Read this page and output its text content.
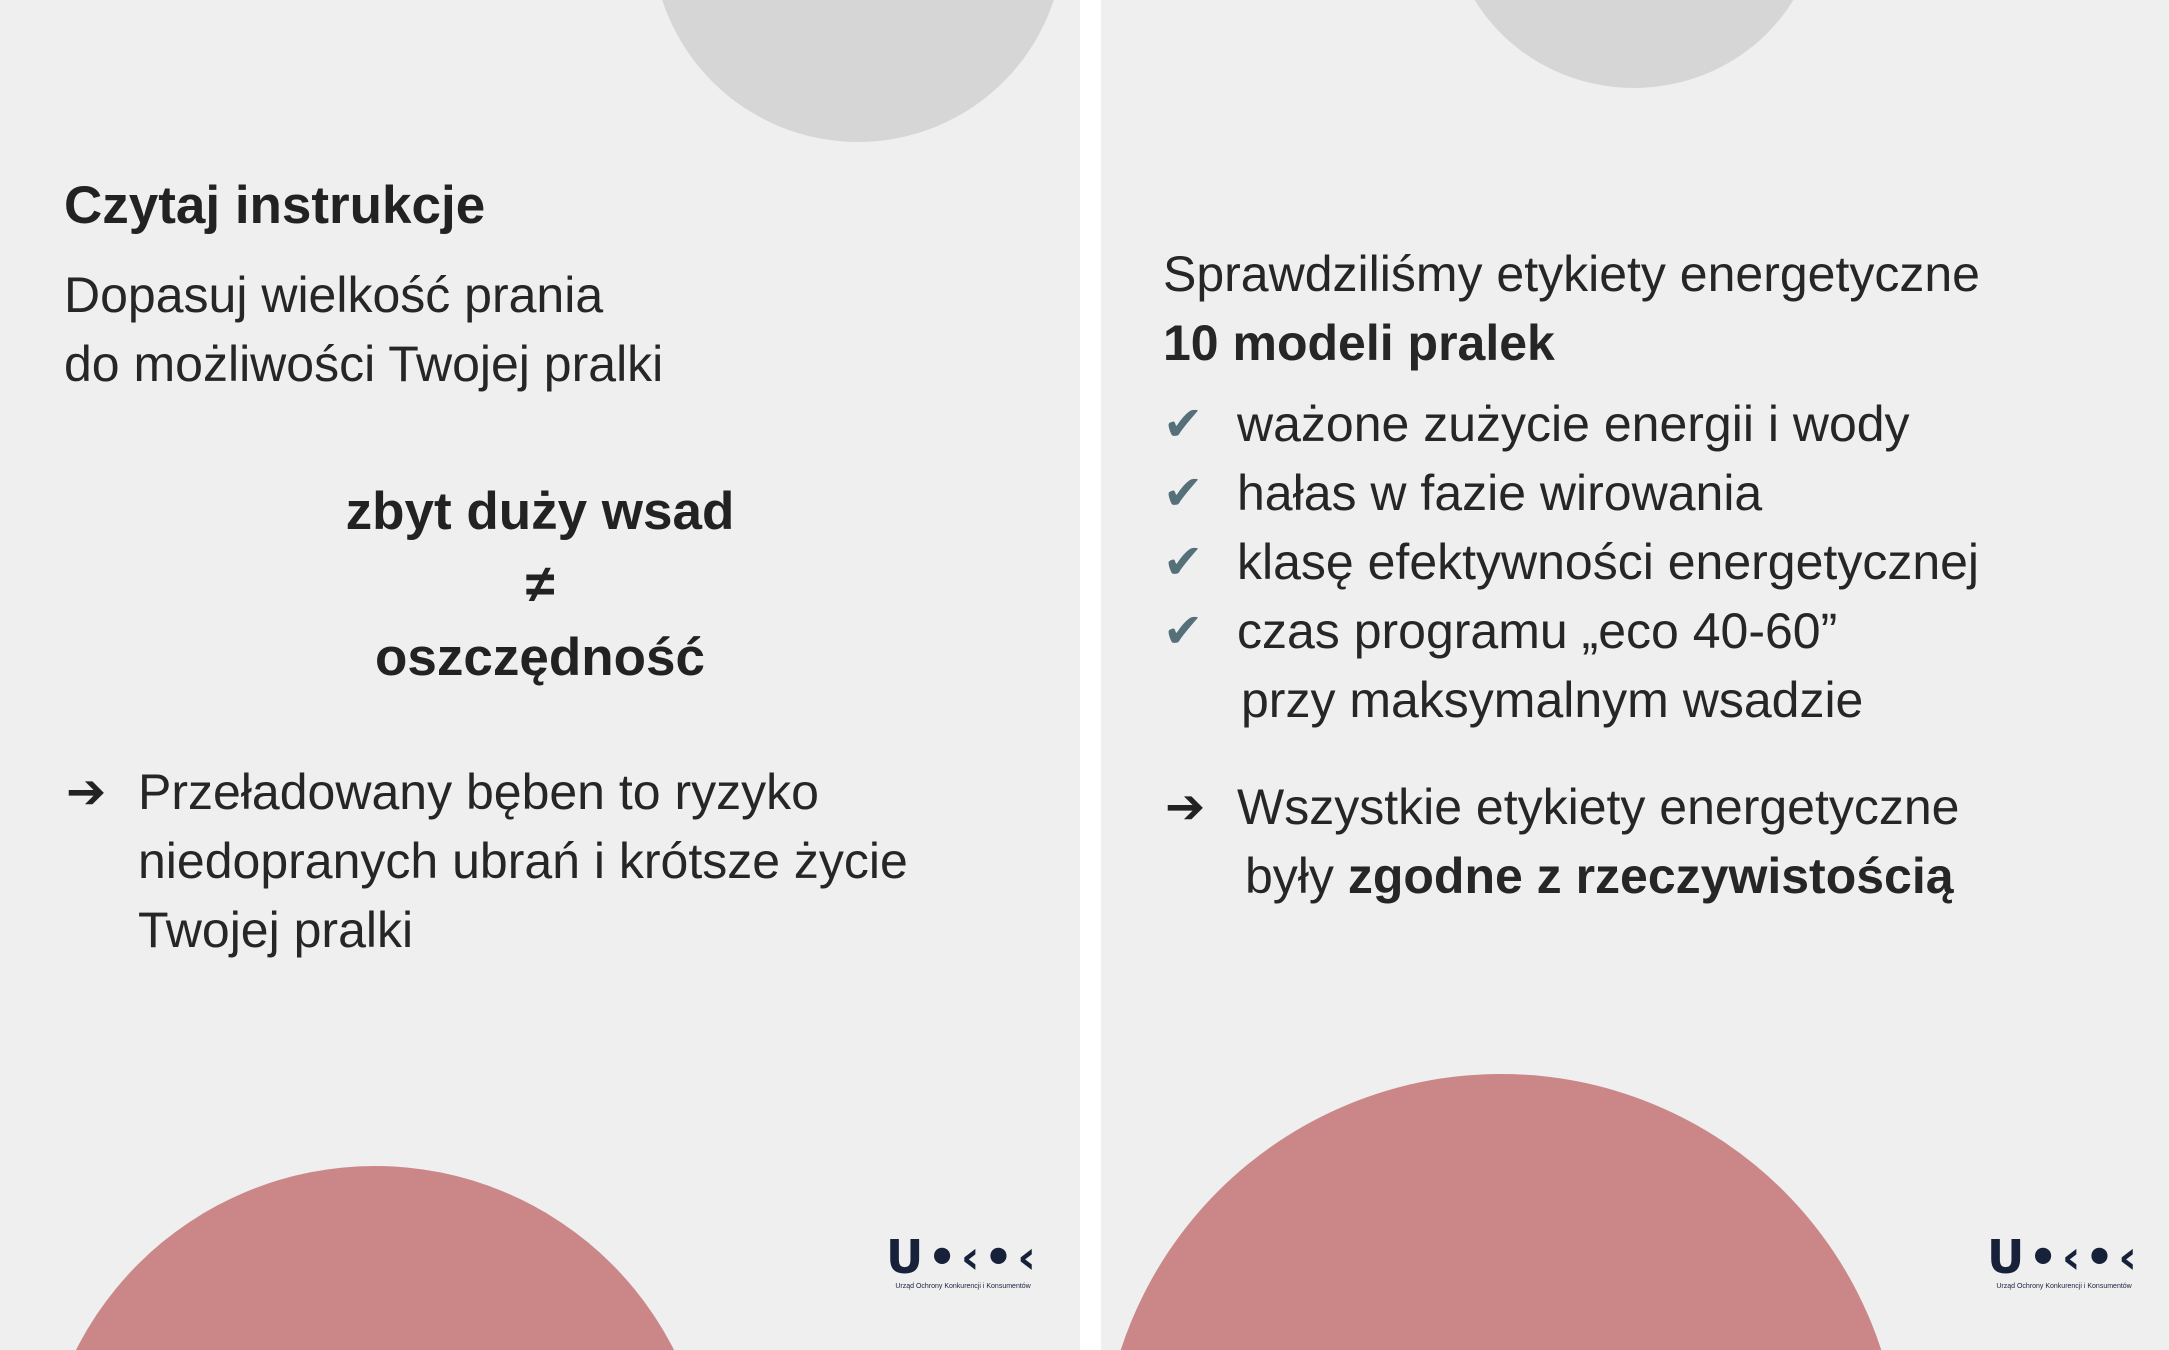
Czytaj instrukcje
Dopasuj wielkość prania
do możliwości Twojej pralki
zbyt duży wsad
≠
oszczędność
➔ Przeładowany bęben to ryzyko
niedopranych ubrań i krótsze życie
Twojej pralki
U•‹•‹
Urząd Ochrony Konkurencji i Konsumentów
Sprawdziliśmy etykiety energetyczne
10 modeli pralek
✔ ważone zużycie energii i wody
✔ hałas w fazie wirowania
✔ klasę efektywności energetycznej
✔ czas programu „eco 40-60”
przy maksymalnym wsadzie
➔ Wszystkie etykiety energetyczne
były zgodne z rzeczywistością
U•‹•‹
Urząd Ochrony Konkurencji i Konsumentów
